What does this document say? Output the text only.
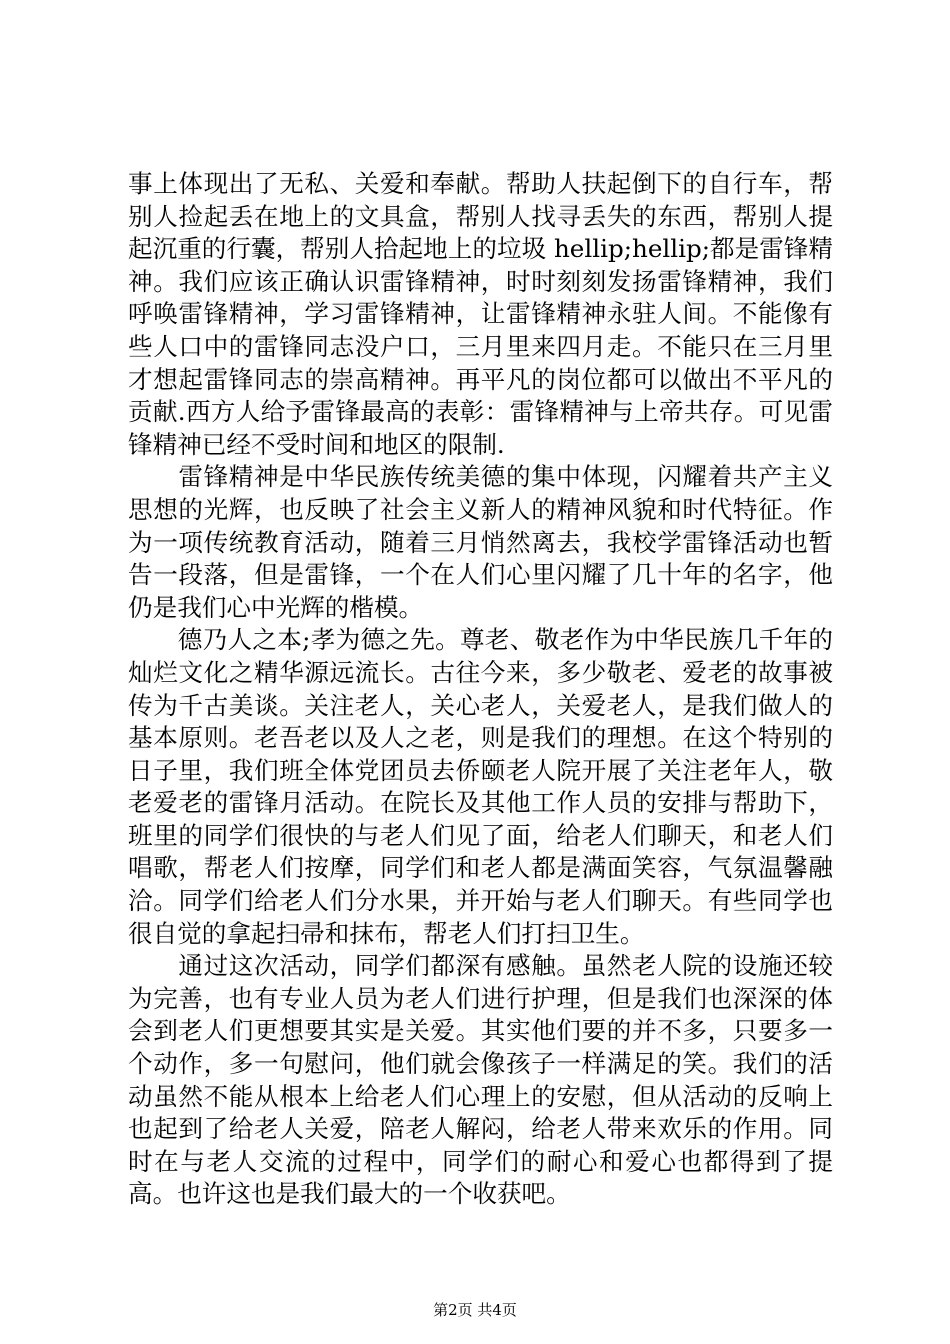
事上体现出了无私、关爱和奉献。帮助人扶起倒下的自行车，帮别人捡起丢在地上的文具盒，帮别人找寻丢失的东西，帮别人提起沉重的行囊，帮别人拾起地上的垃圾 hellip;hellip;都是雷锋精神。我们应该正确认识雷锋精神，时时刻刻发扬雷锋精神，我们呼唤雷锋精神，学习雷锋精神，让雷锋精神永驻人间。不能像有些人口中的雷锋同志没户口，三月里来四月走。不能只在三月里才想起雷锋同志的崇高精神。再平凡的岗位都可以做出不平凡的贡献.西方人给予雷锋最高的表彰：雷锋精神与上帝共存。可见雷锋精神已经不受时间和地区的限制.

　　雷锋精神是中华民族传统美德的集中体现，闪耀着共产主义思想的光辉，也反映了社会主义新人的精神风貌和时代特征。作为一项传统教育活动，随着三月悄然离去，我校学雷锋活动也暂告一段落，但是雷锋，一个在人们心里闪耀了几十年的名字，他仍是我们心中光辉的楷模。

　　德乃人之本;孝为德之先。尊老、敬老作为中华民族几千年的灿烂文化之精华源远流长。古往今来，多少敬老、爱老的故事被传为千古美谈。关注老人，关心老人，关爱老人，是我们做人的基本原则。老吾老以及人之老，则是我们的理想。在这个特别的日子里，我们班全体党团员去侨颐老人院开展了关注老年人，敬老爱老的雷锋月活动。在院长及其他工作人员的安排与帮助下，班里的同学们很快的与老人们见了面，给老人们聊天，和老人们唱歌，帮老人们按摩，同学们和老人都是满面笑容，气氛温馨融洽。同学们给老人们分水果，并开始与老人们聊天。有些同学也很自觉的拿起扫帚和抹布，帮老人们打扫卫生。

　　通过这次活动，同学们都深有感触。虽然老人院的设施还较为完善，也有专业人员为老人们进行护理，但是我们也深深的体会到老人们更想要其实是关爱。其实他们要的并不多，只要多一个动作，多一句慰问，他们就会像孩子一样满足的笑。我们的活动虽然不能从根本上给老人们心理上的安慰，但从活动的反响上也起到了给老人关爱，陪老人解闷，给老人带来欢乐的作用。同时在与老人交流的过程中，同学们的耐心和爱心也都得到了提高。也许这也是我们最大的一个收获吧。

第2页 共4页
